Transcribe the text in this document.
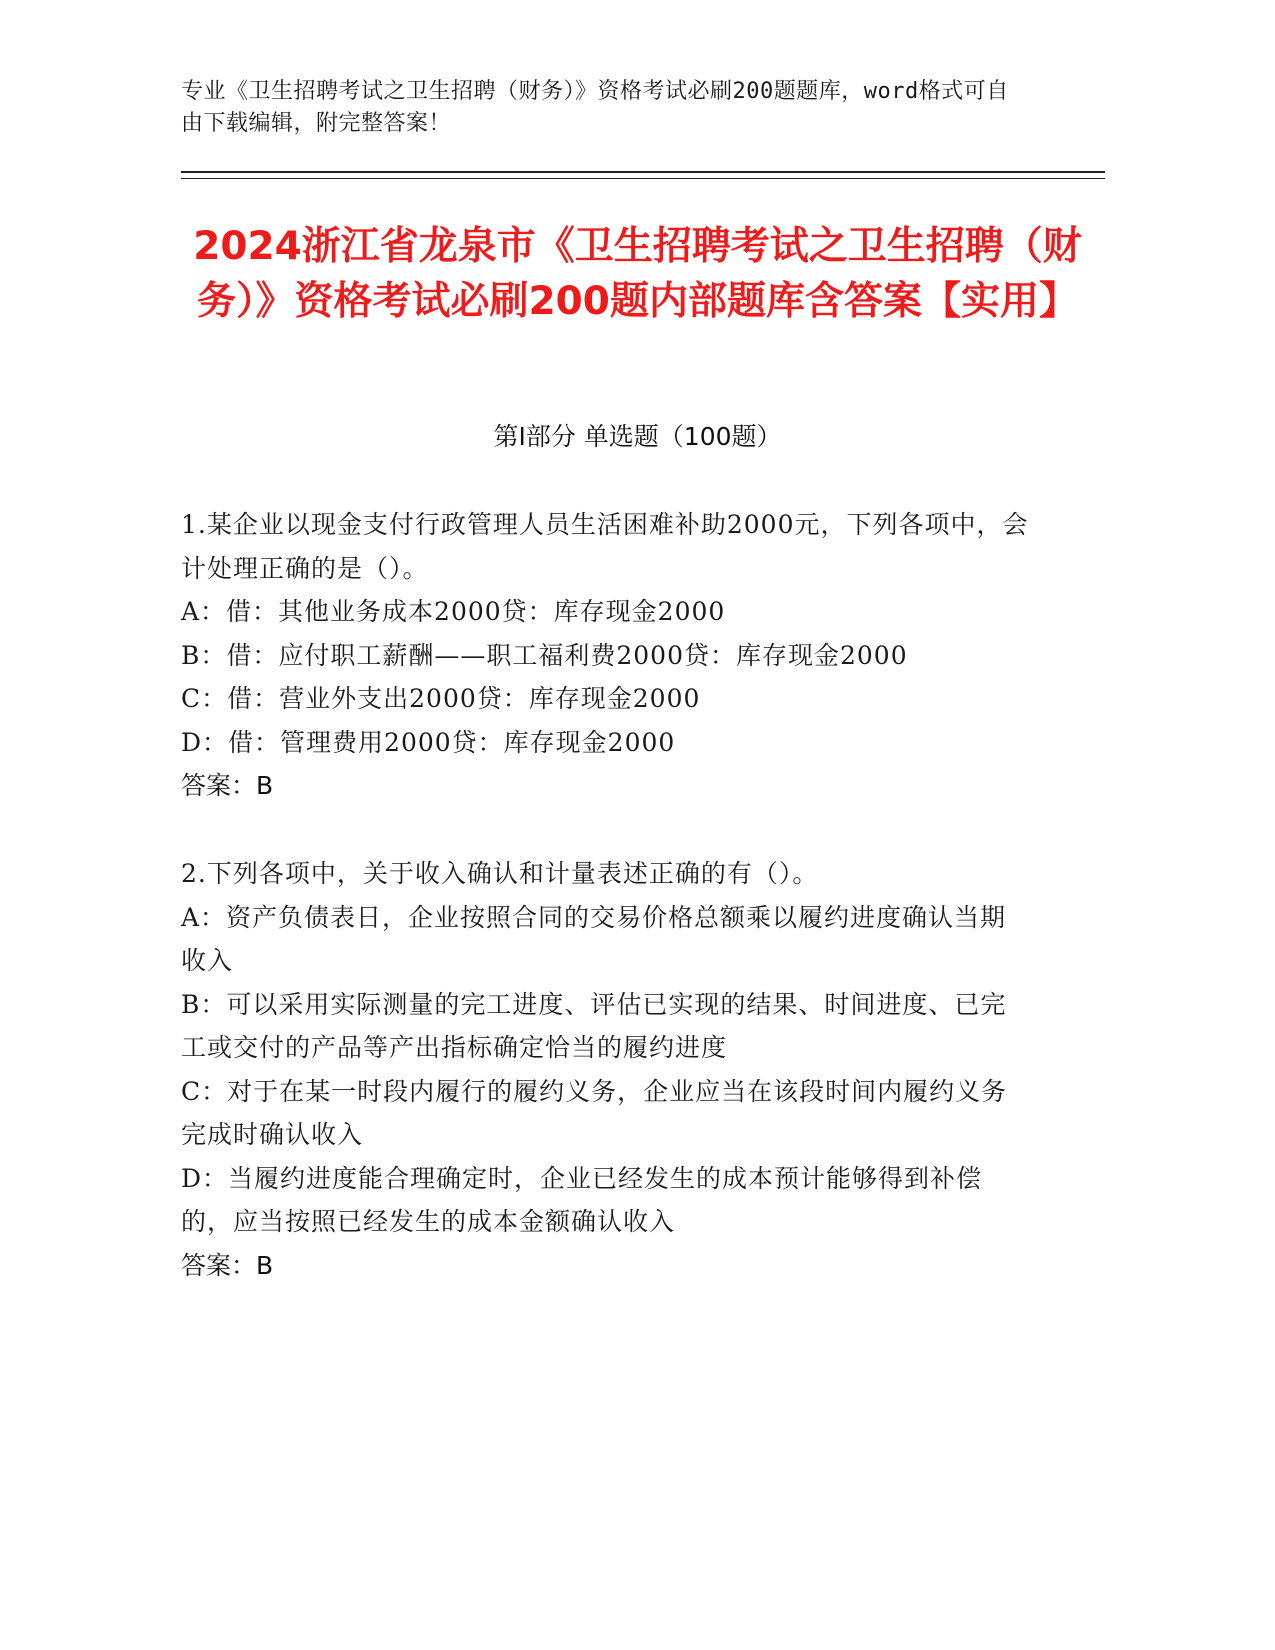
专业《卫生招聘考试之卫生招聘（财务）》资格考试必刷200题题库，word格式可自由下载编辑，附完整答案！
2024浙江省龙泉市《卫生招聘考试之卫生招聘（财务）》资格考试必刷200题内部题库含答案【实用】
第I部分 单选题（100题）
1.某企业以现金支付行政管理人员生活困难补助2000元，下列各项中，会计处理正确的是（）。
A：借：其他业务成本2000贷：库存现金2000
B：借：应付职工薪酬——职工福利费2000贷：库存现金2000
C：借：营业外支出2000贷：库存现金2000
D：借：管理费用2000贷：库存现金2000
答案：B
2.下列各项中，关于收入确认和计量表述正确的有（）。
A：资产负债表日，企业按照合同的交易价格总额乘以履约进度确认当期收入
B：可以采用实际测量的完工进度、评估已实现的结果、时间进度、已完工或交付的产品等产出指标确定恰当的履约进度
C：对于在某一时段内履行的履约义务，企业应当在该段时间内履约义务完成时确认收入
D：当履约进度能合理确定时，企业已经发生的成本预计能够得到补偿的，应当按照已经发生的成本金额确认收入
答案：B
